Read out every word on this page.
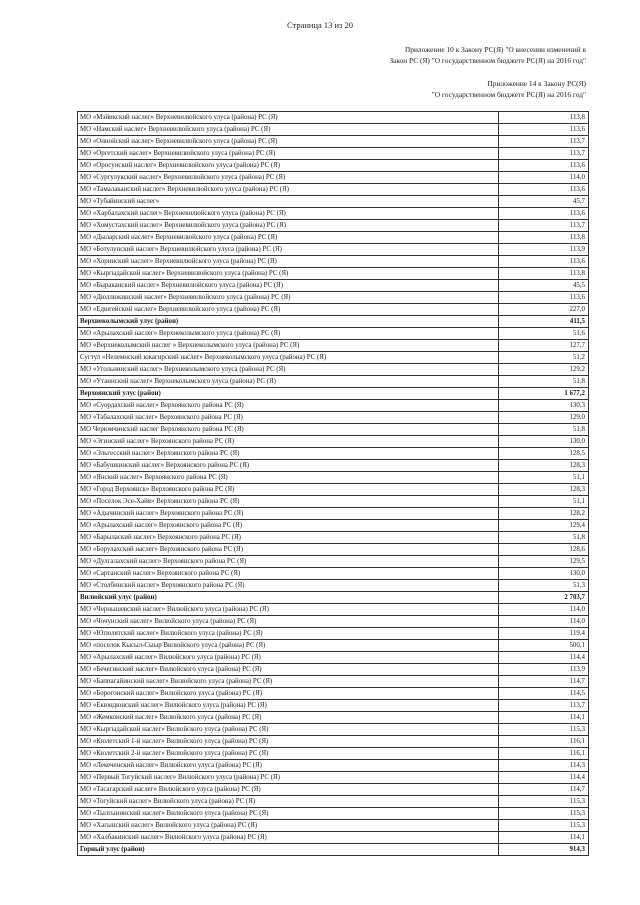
Страница 13 из 20
Приложение 10 к Закону РС(Я) "О внесении изменений в
Закон РС (Я) "О государственном бюджете РС(Я) на 2016 год"
Приложение 14 к Закону РС(Я)
"О государственном бюджете РС(Я) на 2016 год"
МО «Мэйикский наслег» Верхневилюйского улуса (района) РС (Я)	113,8
МО «Намский наслег» Верхневилюйского улуса (района) РС (Я)	113,6
МО «Оннойский наслег» Верхневилюйского улуса (района) РС (Я)	113,7
МО «Оргетский наслег» Верхневилюйского улуса (района) РС (Я)	113,7
МО «Оросунский наслег» Верхневилюйского улуса (района) РС (Я)	113,6
МО «Сургулукский наслег» Верхневилюйского улуса (района) РС (Я)	114,0
МО «Тамалаканский наслег» Верхневилюйского улуса (района) РС (Я)	113,6
МО «Тубайинский наслег»	45,7
МО «Харбалахский наслег» Верхневилюйского улуса (района) РС (Я)	113,6
МО «Хомустахский наслег» Верхневилюйского улуса (района) РС (Я)	113,7
МО «Дыларский наслег» Верхневилюйского улуса (района) РС (Я)	113,8
МО «Ботулунский наслег» Верхневилюйского улуса (района) РС (Я)	113,9
МО «Хоринский наслег» Верхневилюйского улуса (района) РС (Я)	113,6
МО «Кыргыдайский наслег» Верхневилюйского улуса (района) РС (Я)	113,8
МО «Быраканский наслег» Верхневилюйского улуса (района) РС (Я)	45,5
МО «Дюллюкинский наслег» Верхневилюйского улуса (района) РС (Я)	113,6
МО «Едюгейский наслег» Верхневилюйского улуса (района) РС (Я)	227,0
Верхнеколымский улус (район)	411,5
МО «Арылахский наслег» Верхнеколымского улуса (района) РС (Я)	51,6
МО «Верхнеколымский наслег » Верхнеколымского улуса (района) РС (Я)	127,7
Сугтул «Нелемнский юкагирский наслег» Верхнеколымского улуса (района) РС (Я)	51,2
МО «Угольнинский наслег» Верхнеколымского улуса (района) РС (Я)	129,2
МО «Утаинский наслег» Верхнеколымского улуса (района) РС (Я)	51,8
Верхоянский улус (район)	1 677,2
МО «Суордахский наслег» Верхоянского района РС (Я)	130,3
МО «Табалахский наслег» Верхоянского района РС (Я)	129,0
МО Черюмчинский наслег Верхоянского района РС (Я)	51,8
МО «Эгинский наслег» Верхоянского района РС (Я)	130,0
МО «Эльгесский наслег» Верхоянского района РС (Я)	128,5
МО «Бабушкинский наслег» Верхоянского района РС (Я)	128,3
МО «Янский наслег» Верхоянского района РС (Я)	51,1
МО «Город Верхоянск» Верхоянского района РС (Я)	128,3
МО «Поселок Эсе-Хайя» Верхоянского района РС (Я)	51,1
МО «Адычинский наслег» Верхоянского района РС (Я)	128,2
МО «Арылахский наслег» Верхоянского района РС (Я)	129,4
МО «Барылаский наслег» Верхоянского района РС (Я)	51,8
МО «Борулахский наслег» Верхоянского района РС (Я)	128,6
МО «Дулгалахский наслег» Верхоянского района РС (Я)	129,5
МО «Сартанский наслег» Верхоянского района РС (Я)	130,0
МО «Столбинский наслег» Верхоянского района РС (Я)	51,3
Вилюйский улус (район)	2 703,7
МО «Чернышевский наслег» Вилюйского улуса (района) РС (Я)	114,0
МО «Чочунский наслег» Вилюйского улуса (района) РС (Я)	114,0
МО «Югюлятский наслег» Вилюйского улуса (района) РС (Я)	119,4
МО «поселок Кысыл-Сыыр Вилюйского улуса (района) РС (Я)	500,1
МО «Арылахский наслег» Вилюйского улуса (района) РС (Я)	114,4
МО «Бечегинский наслег» Вилюйского улуса (района) РС (Я)	113,9
МО «Баппагайинский наслег» Вилюйского улуса (района) РС (Я)	114,7
МО «Борогонский наслег» Вилюйского улуса (района) РС (Я)	114,5
МО «Екюндюнский наслег» Вилюйского улуса (района) РС (Я)	113,7
МО «Жемконский наслег» Вилюйского улуса (района) РС (Я)	114,1
МО «Кыргыдайский наслег» Вилюйского улуса (района) РС (Я)	115,3
МО «Кюлетский 1-й наслег» Вилюйского улуса (района) РС (Я)	116,1
МО «Кюлетский 2-й наслег» Вилюйского улуса (района) РС (Я)	116,1
МО «Лекеченский наслег» Вилюйского улуса (района) РС (Я)	114,3
МО «Первый Тогуйский наслег» Вилюйского улуса (района) РС (Я)	114,4
МО «Тасагарский наслег» Вилюйского улуса (района) РС (Я)	114,7
МО «Тогуйский наслег» Вилюйского улуса (района) РС (Я)	115,3
МО «Тылгынинский наслег» Вилюйского улуса (района) РС (Я)	115,3
МО «Хагынский наслег» Вилюйского улуса (района) РС (Я)	115,3
МО «Халбакинский наслег» Вилюйского улуса (района) РС (Я)	114,1
Горный улус (район)	914,3
